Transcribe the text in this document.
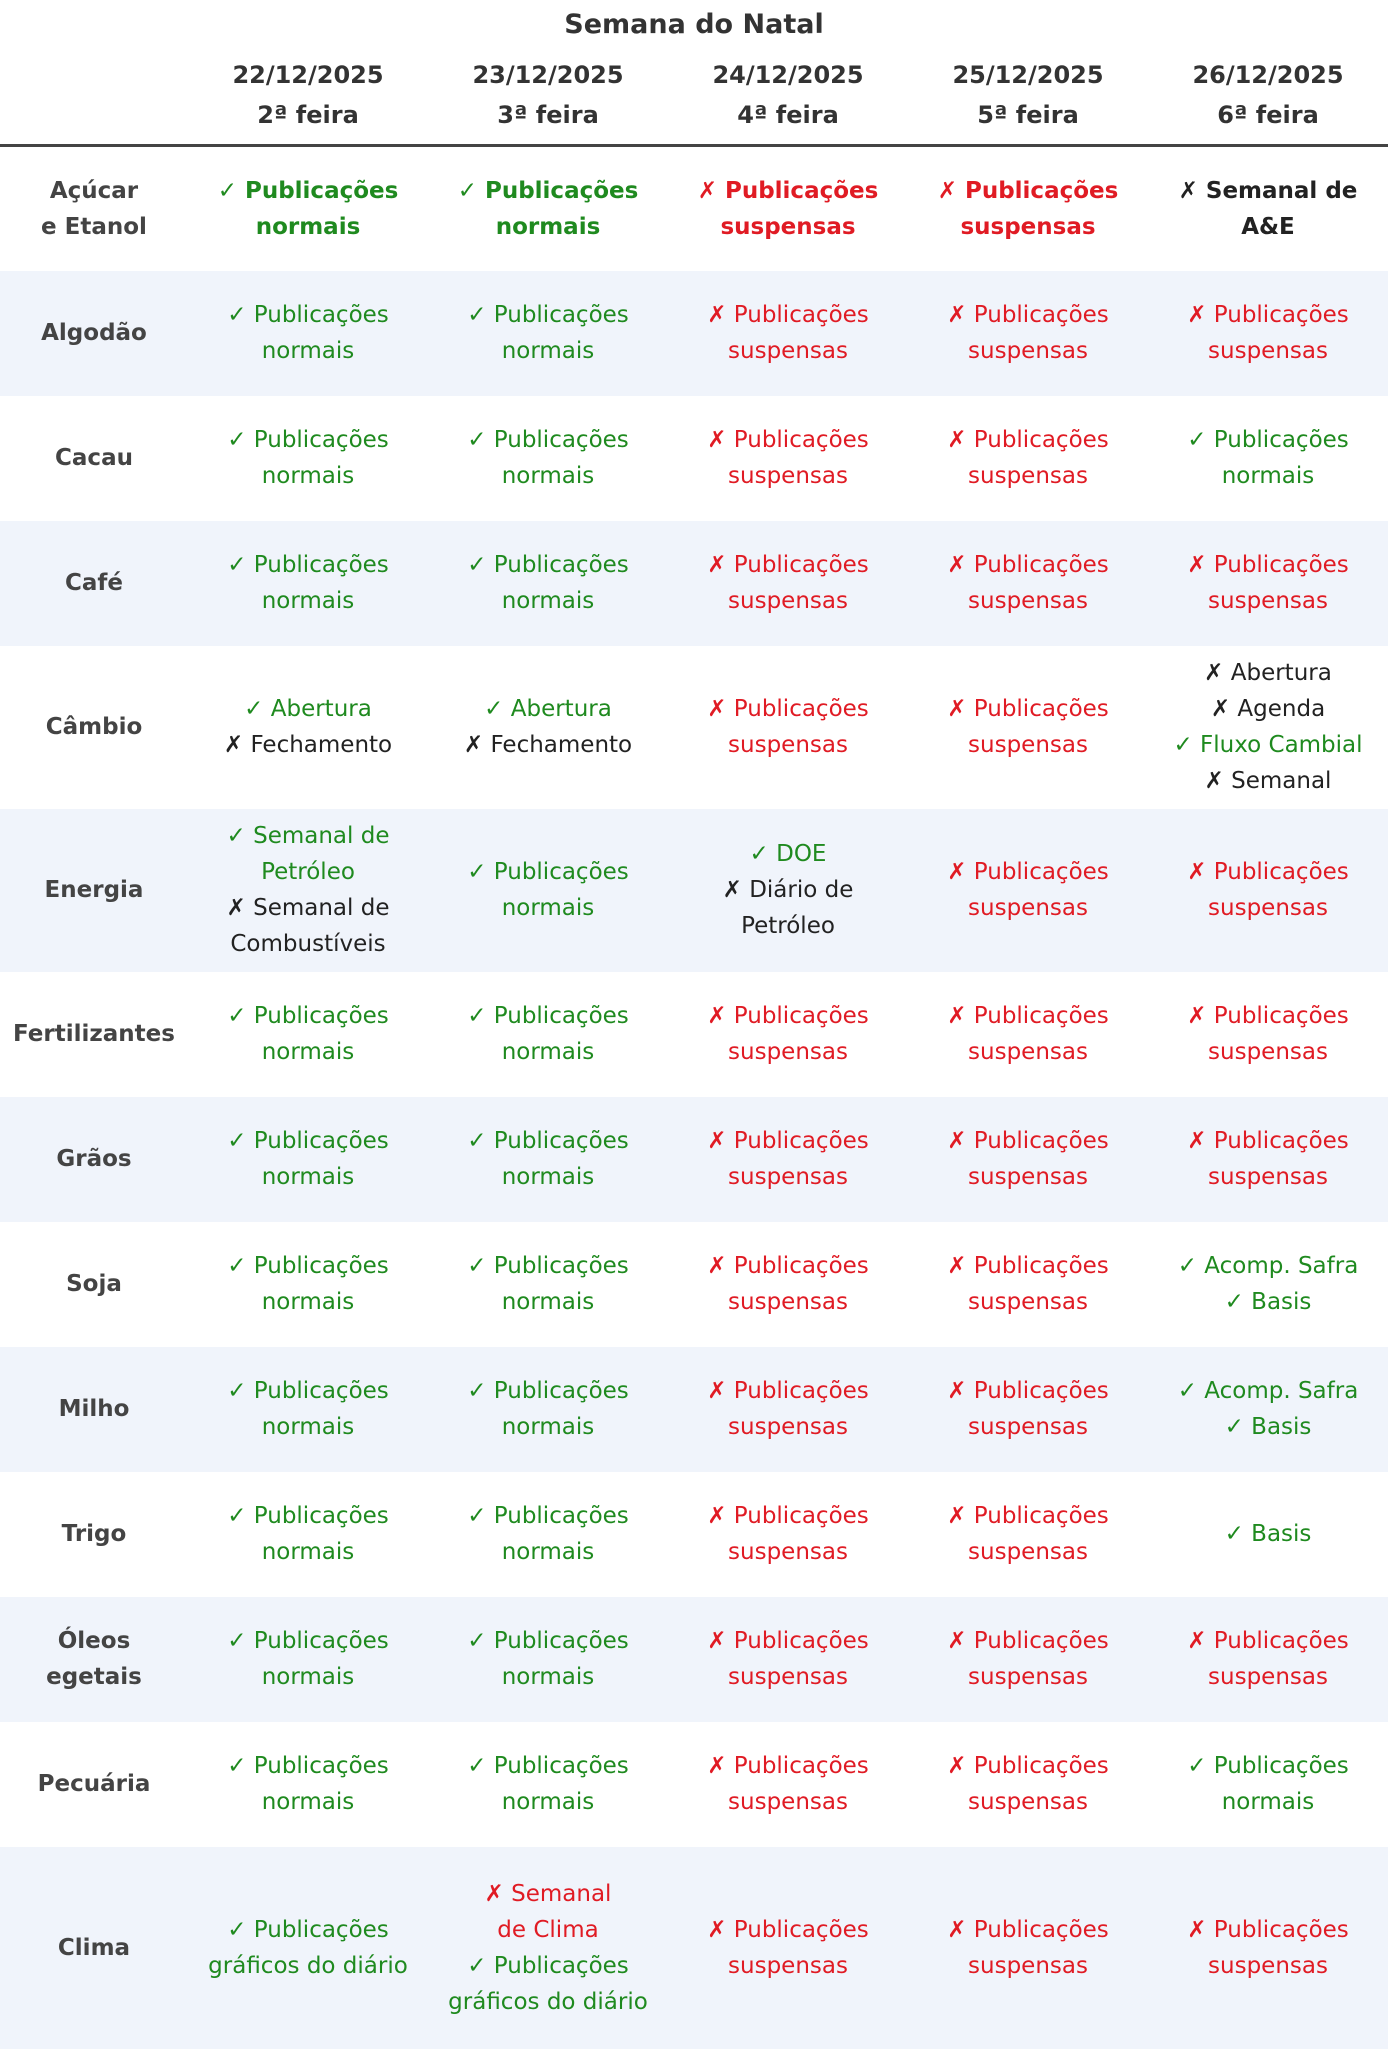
Semana do Natal
	22/12/2025	23/12/2025	24/12/2025	25/12/2025	26/12/2025
	2ª feira	3ª feira	4ª feira	5ª feira	6ª feira

Açúcar
e Etanol	✓ Publicações
normais	✓ Publicações
normais	✗ Publicações
suspensas	✗ Publicações
suspensas	✗ Semanal de A&E

Algodão	✓ Publicações
normais	✓ Publicações
normais	✗ Publicações
suspensas	✗ Publicações
suspensas	✗ Publicações
suspensas

Cacau	✓ Publicações
normais	✓ Publicações
normais	✗ Publicações
suspensas	✗ Publicações
suspensas	✓ Publicações
normais

Café	✓ Publicações
normais	✓ Publicações
normais	✗ Publicações
suspensas	✗ Publicações
suspensas	✗ Publicações
suspensas

Câmbio	✓ Abertura
✗ Fechamento	✓ Abertura
✗ Fechamento	✗ Publicações
suspensas	✗ Publicações
suspensas	✗ Abertura
✗ Agenda
✓ Fluxo Cambial
✗ Semanal

Energia	✓ Semanal de
Petróleo
✗ Semanal de
Combustíveis	✓ Publicações
normais	✓ DOE
✗ Diário de
Petróleo	✗ Publicações
suspensas	✗ Publicações
suspensas

Fertilizantes	✓ Publicações
normais	✓ Publicações
normais	✗ Publicações
suspensas	✗ Publicações
suspensas	✗ Publicações
suspensas

Grãos	✓ Publicações
normais	✓ Publicações
normais	✗ Publicações
suspensas	✗ Publicações
suspensas	✗ Publicações
suspensas

Soja	✓ Publicações
normais	✓ Publicações
normais	✗ Publicações
suspensas	✗ Publicações
suspensas	✓ Acomp. Safra
✓ Basis

Milho	✓ Publicações
normais	✓ Publicações
normais	✗ Publicações
suspensas	✗ Publicações
suspensas	✓ Acomp. Safra
✓ Basis

Trigo	✓ Publicações
normais	✓ Publicações
normais	✗ Publicações
suspensas	✗ Publicações
suspensas	✓ Basis

Óleos
egetais	✓ Publicações
normais	✓ Publicações
normais	✗ Publicações
suspensas	✗ Publicações
suspensas	✗ Publicações
suspensas

Pecuária	✓ Publicações
normais	✓ Publicações
normais	✗ Publicações
suspensas	✗ Publicações
suspensas	✓ Publicações
normais

Clima	✓ Publicações
gráficos do diário	✗ Semanal
de Clima
✓ Publicações
gráficos do diário	✗ Publicações
suspensas	✗ Publicações
suspensas	✗ Publicações
suspensas
